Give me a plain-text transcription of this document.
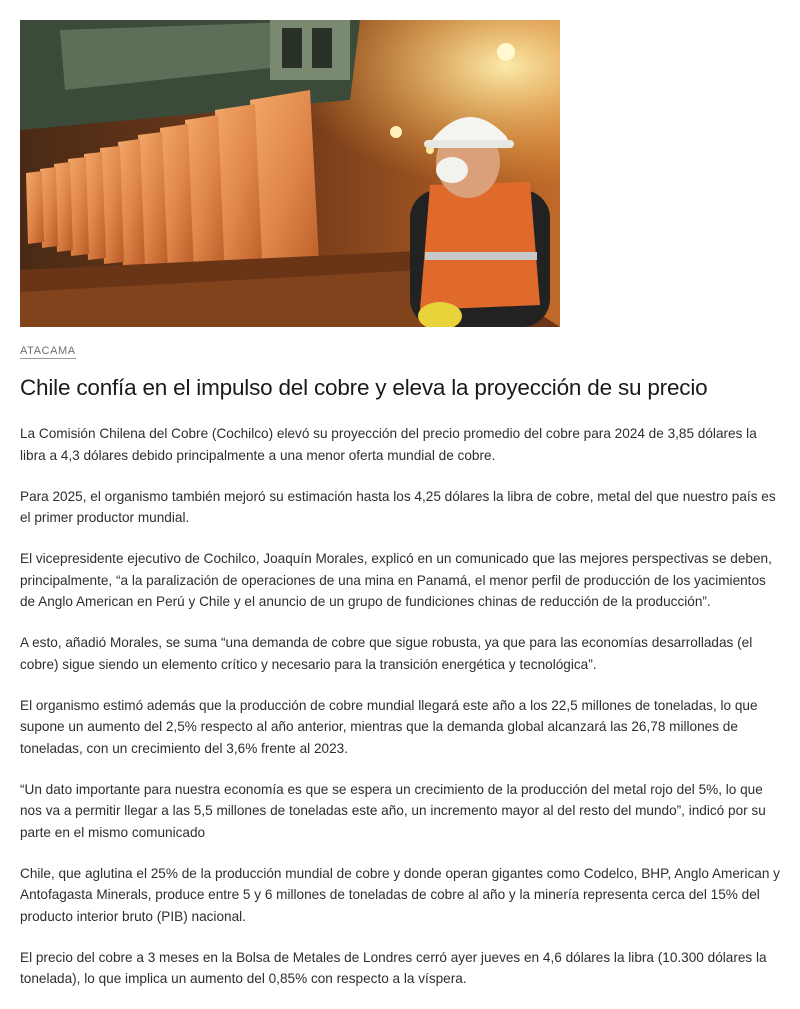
ATACAMA
Chile confía en el impulso del cobre y eleva la proyección de su precio

La Comisión Chilena del Cobre (Cochilco) elevó su proyección del precio promedio del cobre para 2024 de 3,85 dólares la libra a 4,3 dólares debido principalmente a una menor oferta mundial de cobre.

Para 2025, el organismo también mejoró su estimación hasta los 4,25 dólares la libra de cobre, metal del que nuestro país es el primer productor mundial.

El vicepresidente ejecutivo de Cochilco, Joaquín Morales, explicó en un comunicado que las mejores perspectivas se deben, principalmente, “a la paralización de operaciones de una mina en Panamá, el menor perfil de producción de los yacimientos de Anglo American en Perú y Chile y el anuncio de un grupo de fundiciones chinas de reducción de la producción”.

A esto, añadió Morales, se suma “una demanda de cobre que sigue robusta, ya que para las economías desarrolladas (el cobre) sigue siendo un elemento crítico y necesario para la transición energética y tecnológica”.

El organismo estimó además que la producción de cobre mundial llegará este año a los 22,5 millones de toneladas, lo que supone un aumento del 2,5% respecto al año anterior, mientras que la demanda global alcanzará las 26,78 millones de toneladas, con un crecimiento del 3,6% frente al 2023.

“Un dato importante para nuestra economía es que se espera un crecimiento de la producción del metal rojo del 5%, lo que nos va a permitir llegar a las 5,5 millones de toneladas este año, un incremento mayor al del resto del mundo”, indicó por su parte en el mismo comunicado

Chile, que aglutina el 25% de la producción mundial de cobre y donde operan gigantes como Codelco, BHP, Anglo American y Antofagasta Minerals, produce entre 5 y 6 millones de toneladas de cobre al año y la minería representa cerca del 15% del producto interior bruto (PIB) nacional.

El precio del cobre a 3 meses en la Bolsa de Metales de Londres cerró ayer jueves en 4,6 dólares la libra (10.300 dólares la tonelada), lo que implica un aumento del 0,85% con respecto a la víspera.
